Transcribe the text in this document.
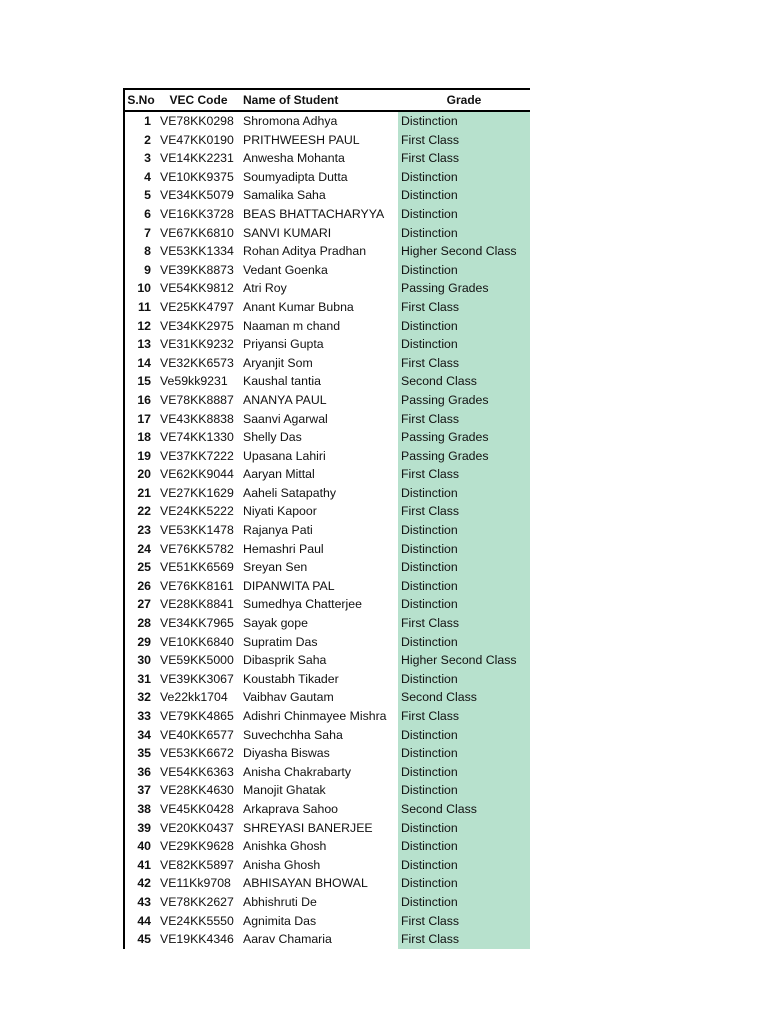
S.No	VEC Code	Name of Student	Grade
1	VE78KK0298	Shromona Adhya	Distinction
2	VE47KK0190	PRITHWEESH PAUL	First Class
3	VE14KK2231	Anwesha Mohanta	First Class
4	VE10KK9375	Soumyadipta Dutta	Distinction
5	VE34KK5079	Samalika Saha	Distinction
6	VE16KK3728	BEAS BHATTACHARYYA	Distinction
7	VE67KK6810	SANVI KUMARI	Distinction
8	VE53KK1334	Rohan Aditya Pradhan	Higher Second Class
9	VE39KK8873	Vedant Goenka	Distinction
10	VE54KK9812	Atri Roy	Passing Grades
11	VE25KK4797	Anant Kumar Bubna	First Class
12	VE34KK2975	Naaman m chand	Distinction
13	VE31KK9232	Priyansi Gupta	Distinction
14	VE32KK6573	Aryanjit Som	First Class
15	Ve59kk9231	Kaushal tantia	Second Class
16	VE78KK8887	ANANYA PAUL	Passing Grades
17	VE43KK8838	Saanvi Agarwal	First Class
18	VE74KK1330	Shelly Das	Passing Grades
19	VE37KK7222	Upasana Lahiri	Passing Grades
20	VE62KK9044	Aaryan Mittal	First Class
21	VE27KK1629	Aaheli Satapathy	Distinction
22	VE24KK5222	Niyati Kapoor	First Class
23	VE53KK1478	Rajanya Pati	Distinction
24	VE76KK5782	Hemashri Paul	Distinction
25	VE51KK6569	Sreyan Sen	Distinction
26	VE76KK8161	DIPANWITA PAL	Distinction
27	VE28KK8841	Sumedhya Chatterjee	Distinction
28	VE34KK7965	Sayak gope	First Class
29	VE10KK6840	Supratim Das	Distinction
30	VE59KK5000	Dibasprik Saha	Higher Second Class
31	VE39KK3067	Koustabh Tikader	Distinction
32	Ve22kk1704	Vaibhav Gautam	Second Class
33	VE79KK4865	Adishri Chinmayee Mishra	First Class
34	VE40KK6577	Suvechchha Saha	Distinction
35	VE53KK6672	Diyasha Biswas	Distinction
36	VE54KK6363	Anisha Chakrabarty	Distinction
37	VE28KK4630	Manojit Ghatak	Distinction
38	VE45KK0428	Arkaprava Sahoo	Second Class
39	VE20KK0437	SHREYASI BANERJEE	Distinction
40	VE29KK9628	Anishka Ghosh	Distinction
41	VE82KK5897	Anisha Ghosh	Distinction
42	VE11Kk9708	ABHISAYAN BHOWAL	Distinction
43	VE78KK2627	Abhishruti De	Distinction
44	VE24KK5550	Agnimita Das	First Class
45	VE19KK4346	Aarav Chamaria	First Class
